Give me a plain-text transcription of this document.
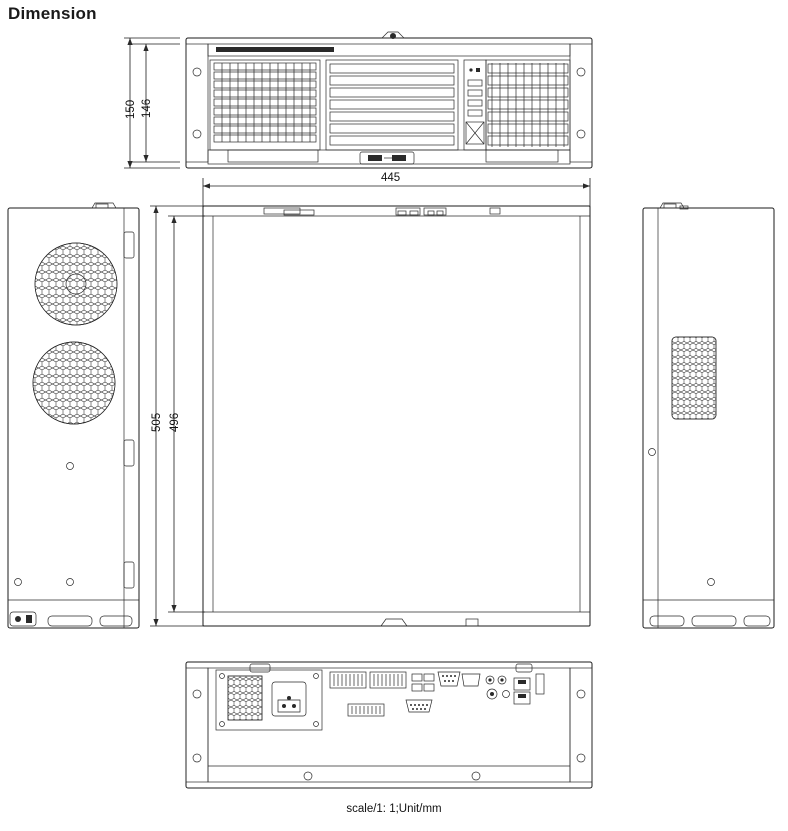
Dimension
150 146
445
505 496
scale/1: 1;Unit/mm
